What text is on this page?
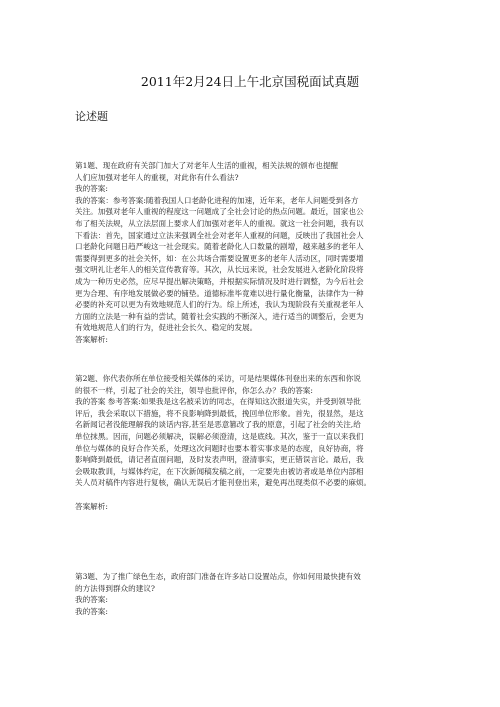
2011年2月24日上午北京国税面试真题
论述题
第1题、现在政府有关部门加大了对老年人生活的重视，相关法规的颁布也提醒
人们应加强对老年人的重视，对此你有什么看法?
我的答案:
我的答案：参考答案:随着我国人口老龄化进程的加速，近年来，老年人问题受到各方
关注。加强对老年人重视的程度这一问题成了全社会讨论的热点问题。最近，国家也公
布了相关法规，从立法层面上要求人们加强对老年人的重视。就这一社会问题，我有以
下看法：首先，国家通过立法来强调全社会对老年人重视的问题，反映出了我国社会人
口老龄化问题日趋严峻这一社会现实。随着老龄化人口数量的剧增，越来越多的老年人
需要得到更多的社会关怀，如：在公共场合需要设置更多的老年人活动区，同时需要增
强文明礼让老年人的相关宣传教育等。其次，从长远来说，社会发展进入老龄化阶段将
成为一种历史必然，应尽早提出解决策略，并根据实际情况及时进行调整，为今后社会
更为合理、有序地发展做必要的铺垫。道德标准毕竟难以进行量化衡量，法律作为一种
必要的补充可以更为有效地规范人们的行为。综上所述，我认为现阶段有关重视老年人
方面的立法是一种有益的尝试，随着社会实践的不断深入，进行适当的调整后，会更为
有效地规范人们的行为，促进社会长久、稳定的发展。
答案解析:
第2题、你代表你所在单位接受相关媒体的采访，可是结果媒体刊登出来的东西和你说
的很不一样，引起了社会的关注，领导也批评你，你怎么办？我的答案:
我的答案 参考答案:如果我是这名被采访的同志，在得知这次报道失实，并受到领导批
评后，我会采取以下措施，将不良影响降到最低，挽回单位形象。首先，很显然，是这
名新闻记者没能理解我的谈话内容,甚至是恶意篡改了我的原意，引起了社会的关注,给
单位抹黑。因而，问题必须解决，误解必须澄清，这是底线。其次，鉴于一直以来我们
单位与媒体的良好合作关系，处理这次问题时也要本着实事求是的态度，良好协商，将
影响降到最低，请记者直面问题，及时发表声明，澄清事实，更正错误言论。最后，我
会吸取教训，与媒体约定，在下次新闻稿发稿之前，一定要先由被访者或是单位内部相
关人员对稿件内容进行复核，确认无误后才能刊登出来，避免再出现类似不必要的麻烦。

答案解析:
第3题、为了推广绿色生态，政府部门准备在许多站口设置站点，你如何用最快捷有效
的方法得到群众的建议?
我的答案:
我的答案:
